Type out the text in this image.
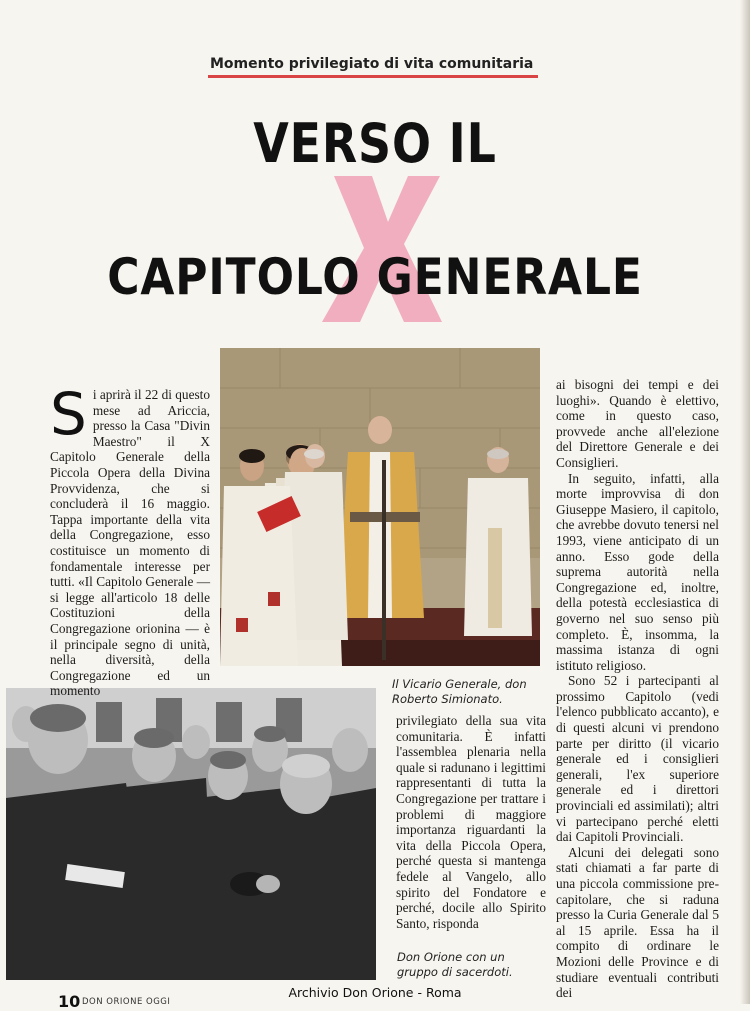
Momento privilegiato di vita comunitaria
X
VERSO IL
CAPITOLO GENERALE
Si aprirà il 22 di questo mese ad Ariccia, presso la Casa "Divin Maestro" il X Capitolo Generale della Piccola Opera della Divina Provvidenza, che si concluderà il 16 maggio. Tappa importante della vita della Congregazione, esso costituisce un momento di fondamentale interesse per tutti. «Il Capitolo Generale — si legge all'articolo 18 delle Costituzioni della Congregazione orionina — è il principale segno di unità, nella diversità, della Congregazione ed un momento	Il Vicario Generale, don Roberto Simionato.
privilegiato della sua vita comunitaria. È infatti l'assemblea plenaria nella quale si radunano i legittimi rappresentanti di tutta la Congregazione per trattare i problemi di maggiore importanza riguardanti la vita della Piccola Opera, perché questa si mantenga fedele al Vangelo, allo spirito del Fondatore e perché, docile allo Spirito Santo, risponda
Don Orione con un gruppo di sacerdoti.

ai bisogni dei tempi e dei luoghi». Quando è elettivo, come in questo caso, provvede anche all'elezione del Direttore Generale e dei Consiglieri.

In seguito, infatti, alla morte improvvisa di don Giuseppe Masiero, il capitolo, che avrebbe dovuto tenersi nel 1993, viene anticipato di un anno. Esso gode della suprema autorità nella Congregazione ed, inoltre, della potestà ecclesiastica di governo nel suo senso più completo. È, insomma, la massima istanza di ogni istituto religioso.

Sono 52 i partecipanti al prossimo Capitolo (vedi l'elenco pubblicato accanto), e di questi alcuni vi prendono parte per diritto (il vicario generale ed i consiglieri generali, l'ex superiore generale ed i direttori provinciali ed assimilati); altri vi partecipano perché eletti dai Capitoli Provinciali.

Alcuni dei delegati sono stati chiamati a far parte di una piccola commissione pre-capitolare, che si raduna presso la Curia Generale dal 5 al 15 aprile. Essa ha il compito di ordinare le Mozioni delle Province e di studiare eventuali contributi dei

10 DON ORIONE OGGI
Archivio Don Orione - Roma
